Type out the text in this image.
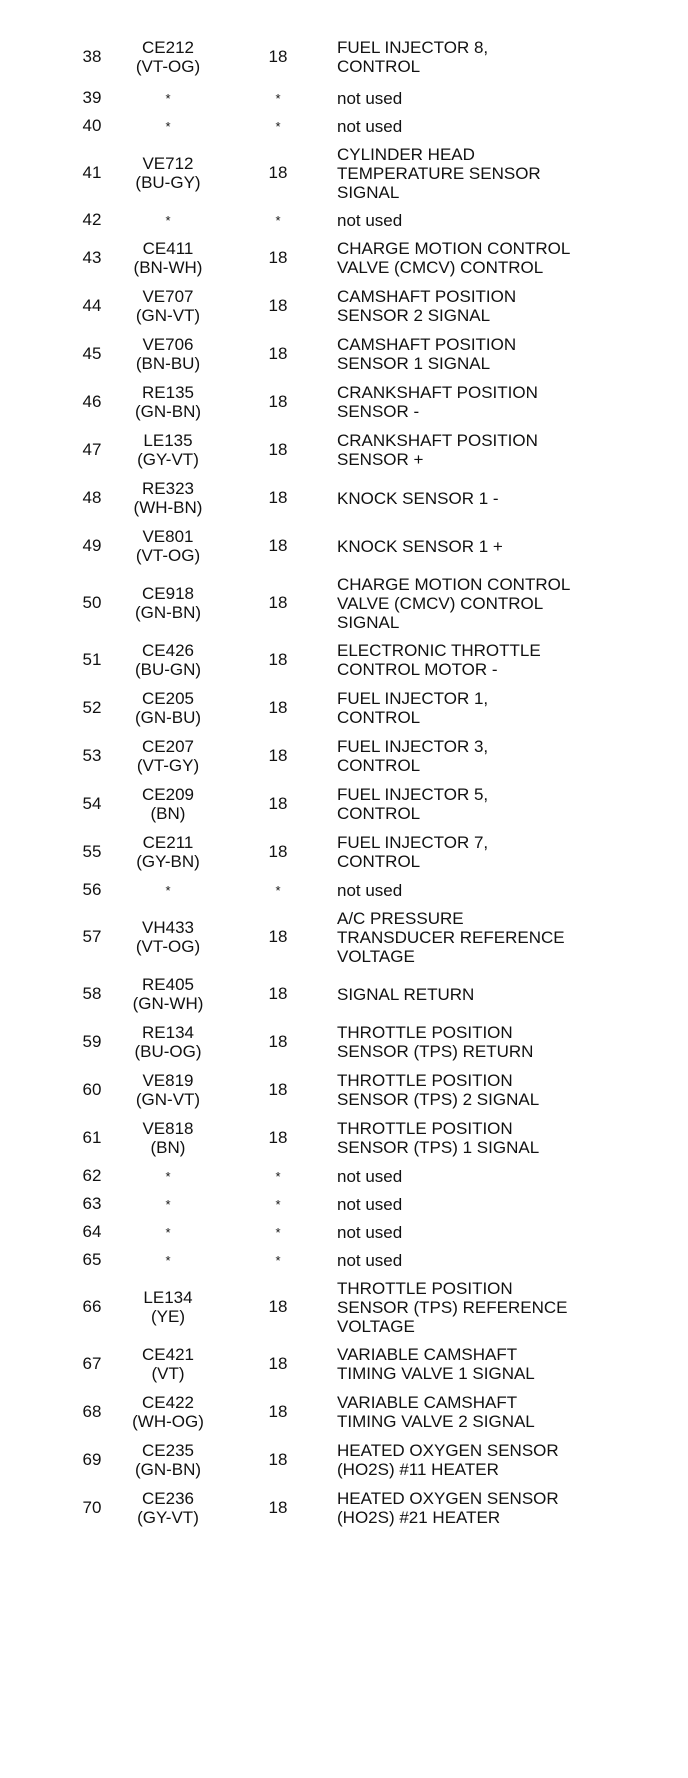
38	CE212
(VT-OG)
18	FUEL INJECTOR 8,
CONTROL
39	*	*	not used
40	*	*	not used
41	VE712
(BU-GY)
18
CYLINDER HEAD
TEMPERATURE SENSOR
SIGNAL
42	*	*	not used
43	CE411
(BN-WH)
18	CHARGE MOTION CONTROL
VALVE (CMCV) CONTROL
44	VE707
(GN-VT)
18	CAMSHAFT POSITION
SENSOR 2 SIGNAL
45	VE706
(BN-BU)
18	CAMSHAFT POSITION
SENSOR 1 SIGNAL
46	RE135
(GN-BN)
18	CRANKSHAFT POSITION
SENSOR -
47	LE135
(GY-VT)
18	CRANKSHAFT POSITION
SENSOR +
48	RE323
(WH-BN)
18	KNOCK SENSOR 1 -
49	VE801
(VT-OG)
18	KNOCK SENSOR 1 +
50	CE918
(GN-BN)
18
CHARGE MOTION CONTROL
VALVE (CMCV) CONTROL
SIGNAL
51	CE426
(BU-GN)
18	ELECTRONIC THROTTLE
CONTROL MOTOR -
52	CE205
(GN-BU)
18	FUEL INJECTOR 1,
CONTROL
53	CE207
(VT-GY)
18	FUEL INJECTOR 3,
CONTROL
54	CE209
(BN)
18	FUEL INJECTOR 5,
CONTROL
55	CE211
(GY-BN)
18	FUEL INJECTOR 7,
CONTROL
56	*	*	not used
57	VH433
(VT-OG)
18
A/C PRESSURE
TRANSDUCER REFERENCE
VOLTAGE
58	RE405
(GN-WH)
18	SIGNAL RETURN
59	RE134
(BU-OG)
18	THROTTLE POSITION
SENSOR (TPS) RETURN
60	VE819
(GN-VT)
18	THROTTLE POSITION
SENSOR (TPS) 2 SIGNAL
61	VE818
(BN)
18	THROTTLE POSITION
SENSOR (TPS) 1 SIGNAL
62	*	*	not used
63	*	*	not used
64	*	*	not used
65	*	*	not used
66	LE134
(YE)
18
THROTTLE POSITION
SENSOR (TPS) REFERENCE
VOLTAGE
67	CE421
(VT)
18	VARIABLE CAMSHAFT
TIMING VALVE 1 SIGNAL
68	CE422
(WH-OG)
18	VARIABLE CAMSHAFT
TIMING VALVE 2 SIGNAL
69	CE235
(GN-BN)
18	HEATED OXYGEN SENSOR
(HO2S) #11 HEATER
70	CE236
(GY-VT)
18	HEATED OXYGEN SENSOR
(HO2S) #21 HEATER
